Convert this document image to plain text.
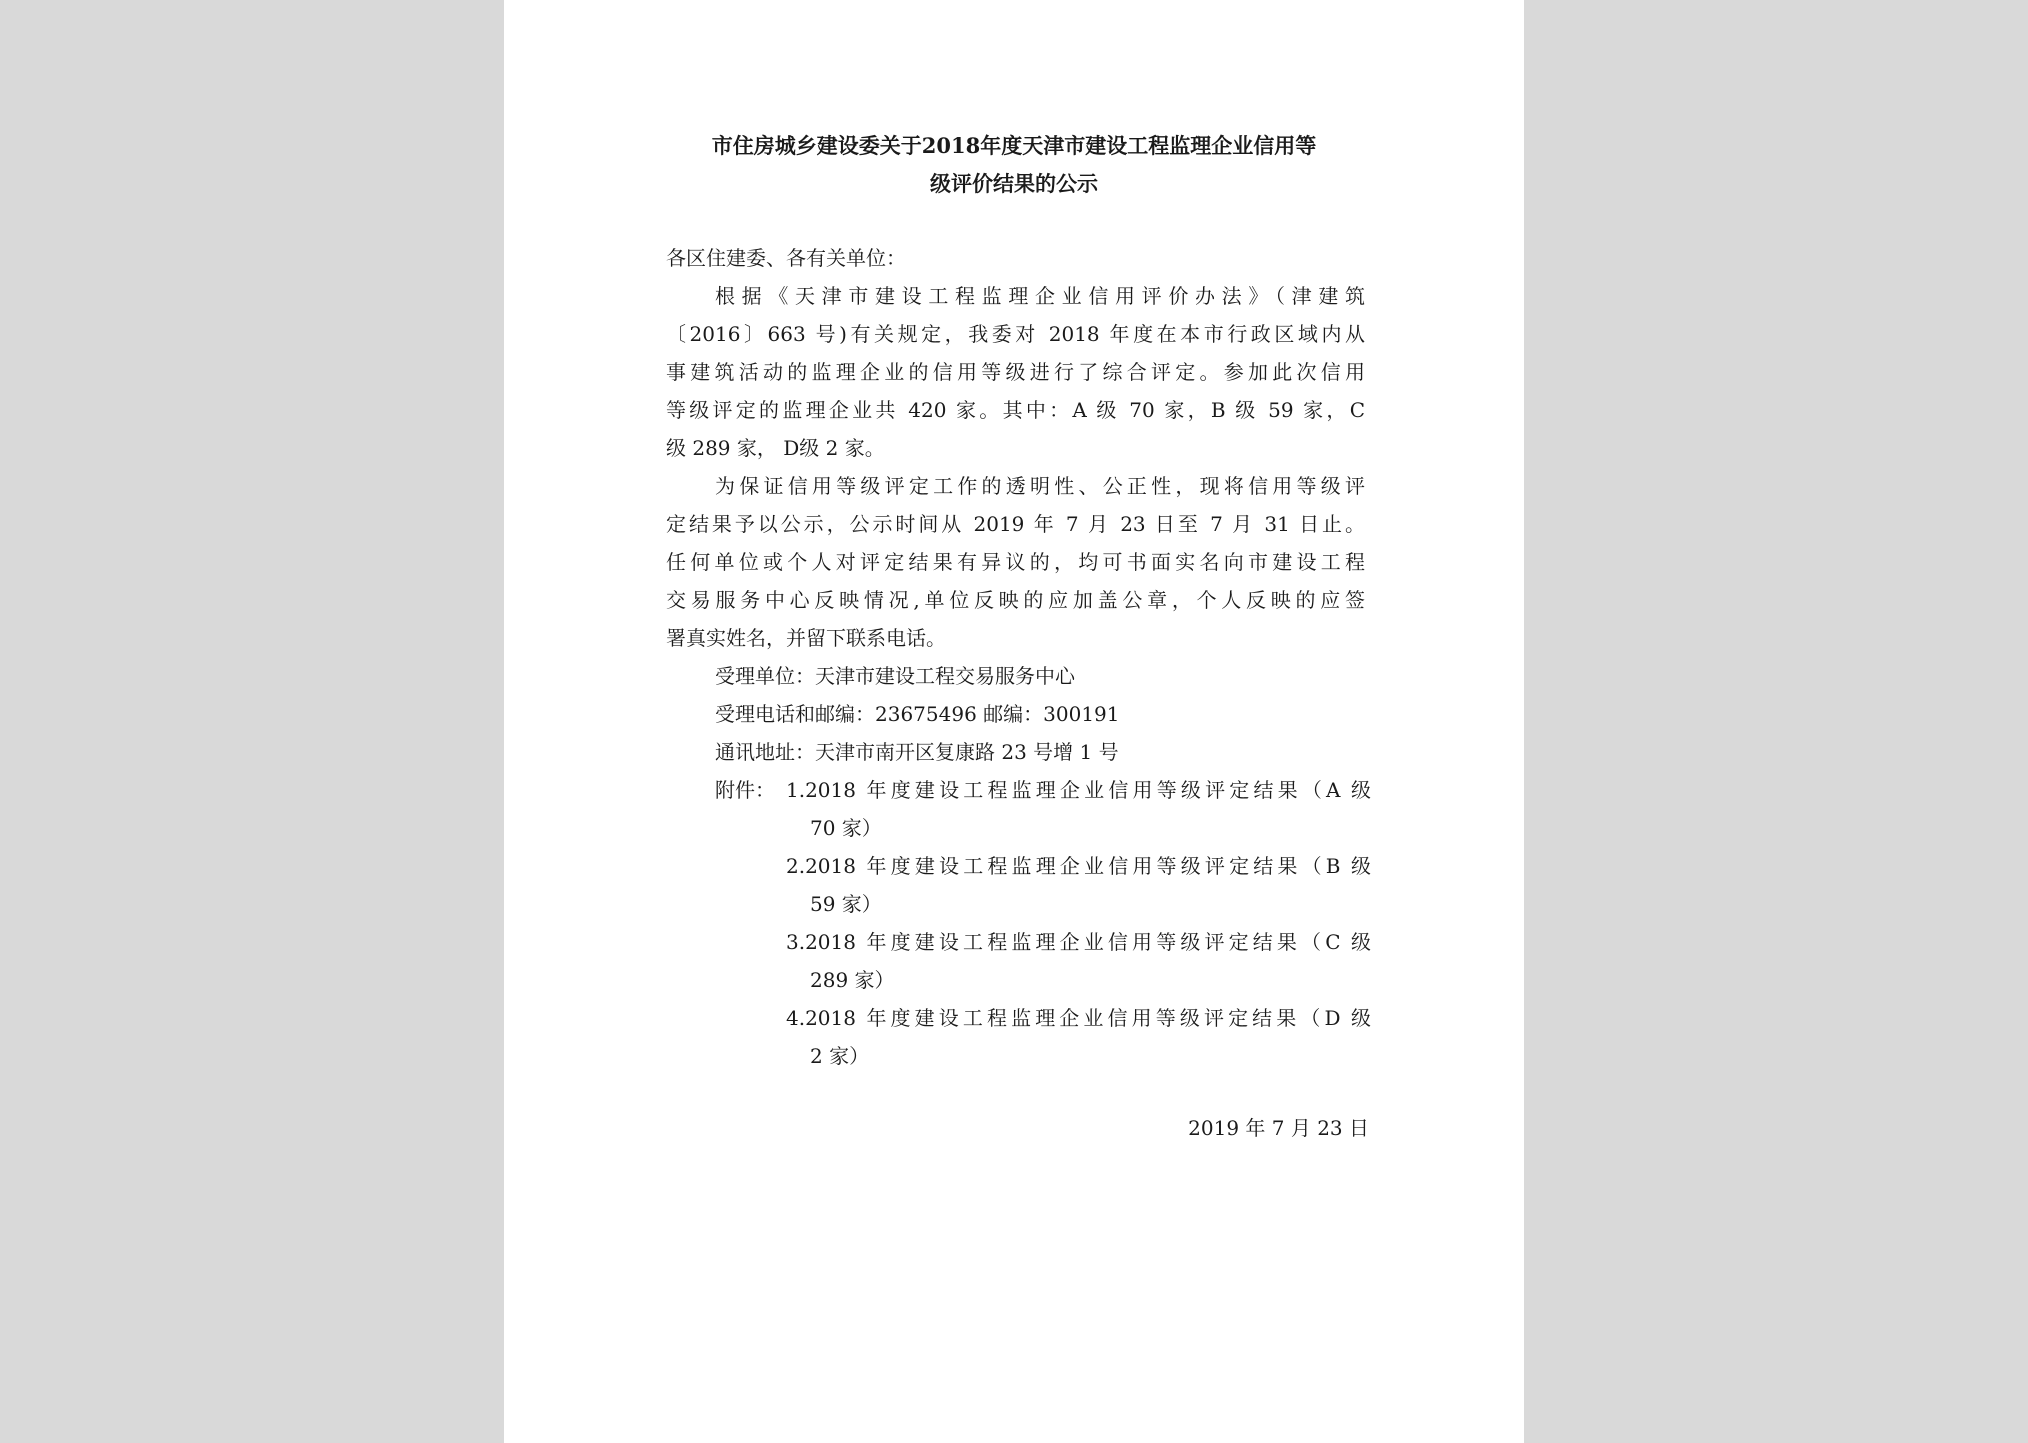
市住房城乡建设委关于2018年度天津市建设工程监理企业信用等
级评价结果的公示

各区住建委、各有关单位：

根据《天津市建设工程监理企业信用评价办法》（津建筑

〔2016〕663 号)有关规定，我委对 2018 年度在本市行政区域内从

事建筑活动的监理企业的信用等级进行了综合评定。参加此次信用

等级评定的监理企业共 420 家。其中：A 级 70 家，B 级 59 家，C

级 289 家， D级 2 家。

为保证信用等级评定工作的透明性、公正性，现将信用等级评

定结果予以公示，公示时间从 2019 年 7 月 23 日至 7 月 31 日止。

任何单位或个人对评定结果有异议的，均可书面实名向市建设工程

交易服务中心反映情况,单位反映的应加盖公章，个人反映的应签

署真实姓名，并留下联系电话。

受理单位：天津市建设工程交易服务中心

受理电话和邮编：23675496 邮编：300191

通讯地址：天津市南开区复康路 23 号增 1 号

附件： 1.2018 年度建设工程监理企业信用等级评定结果（A 级

70 家）

2.2018 年度建设工程监理企业信用等级评定结果（B 级

59 家）

3.2018 年度建设工程监理企业信用等级评定结果（C 级

289 家）

4.2018 年度建设工程监理企业信用等级评定结果（D 级

2 家）

2019 年 7 月 23 日
